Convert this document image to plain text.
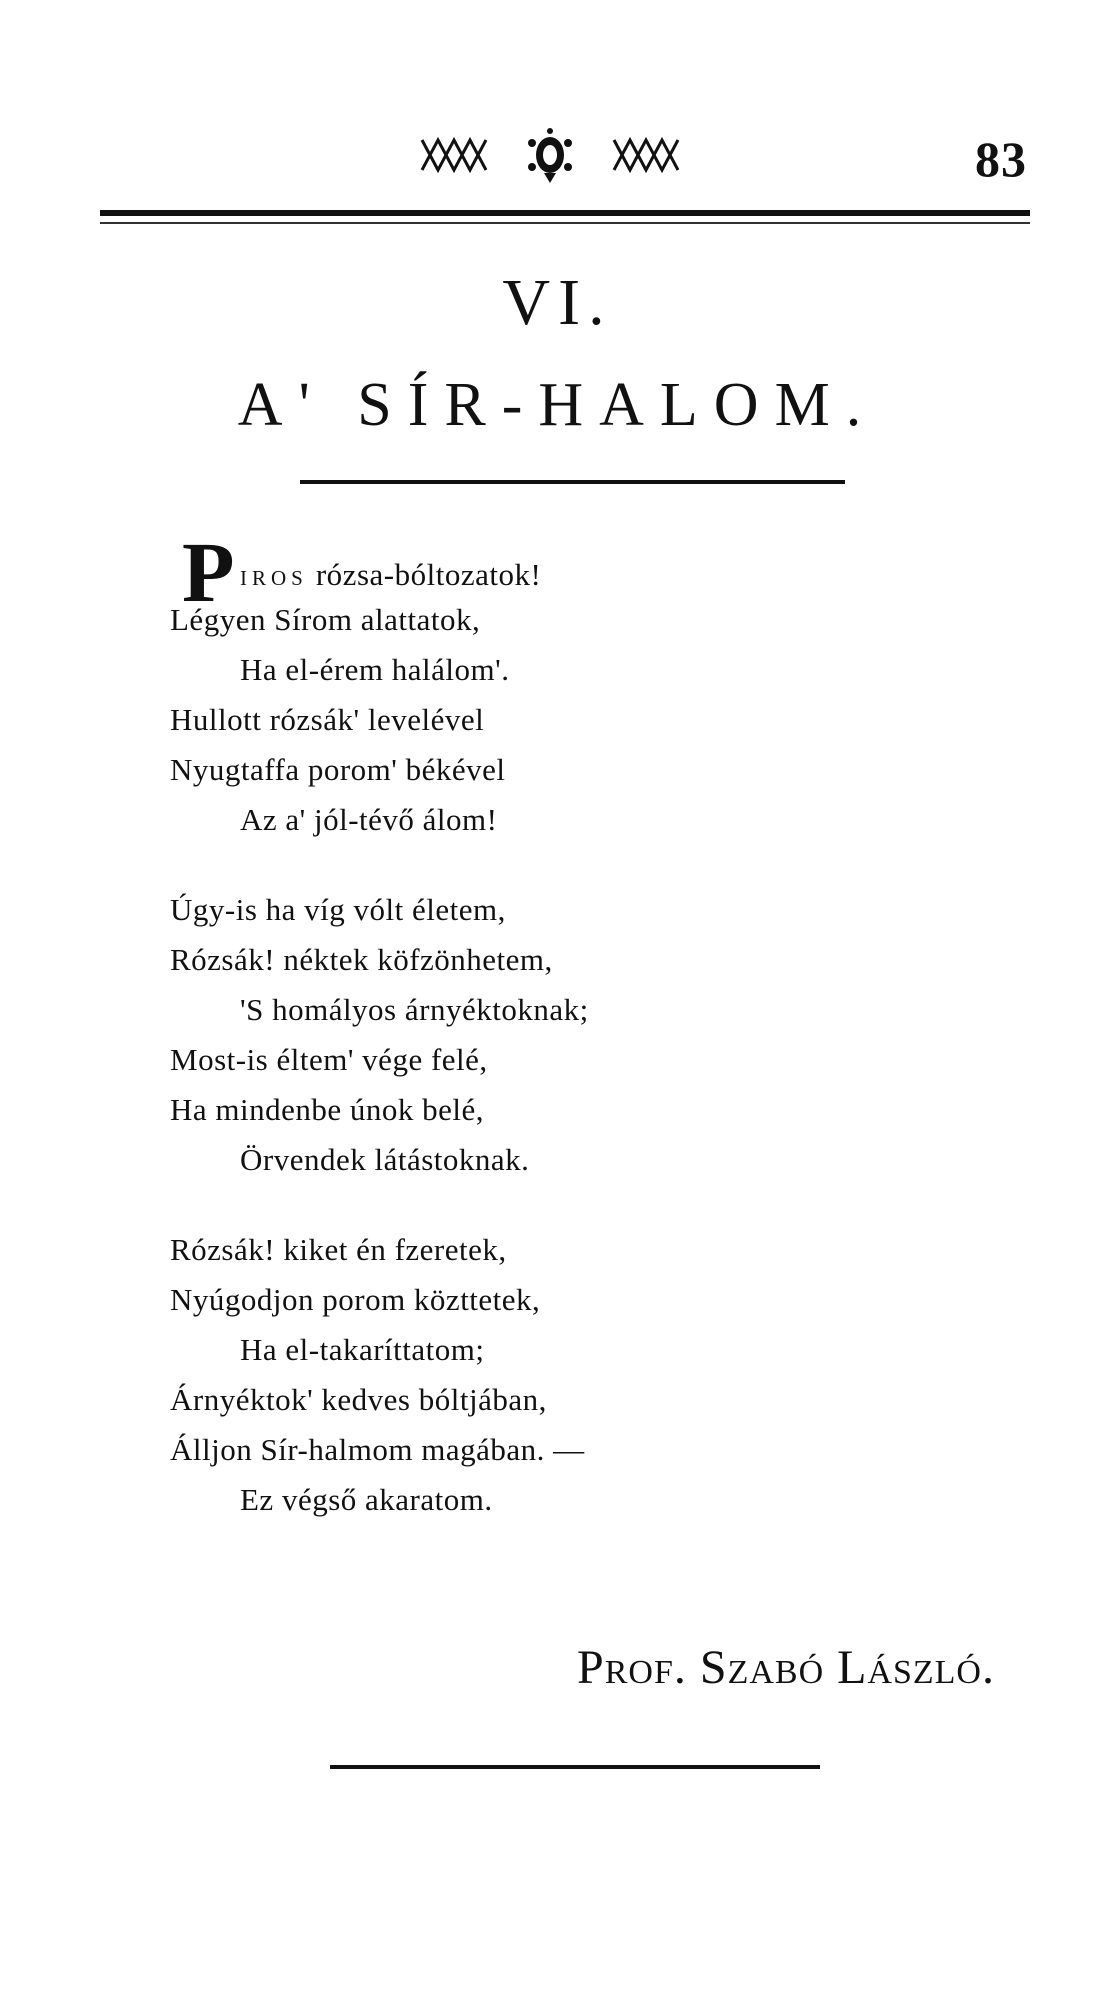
83
VI.
A' SÍR-HALOM.
P IROS rózsa-bóltozatok!
Légyen Sírom alattatok,
Ha el-érem halálom'.
Hullott rózsák' levelével
Nyugtaffa porom' békével
Az a' jól-tévő álom!
Úgy-is ha víg vólt életem,
Rózsák! néktek köfzönhetem,
'S homályos árnyéktoknak;
Most-is éltem' vége felé,
Ha mindenbe únok belé,
Örvendek látástoknak.
Rózsák! kiket én fzeretek,
Nyúgodjon porom közttetek,
Ha el-takaríttatom;
Árnyéktok' kedves bóltjában,
Álljon Sír-halmom magában. —
Ez végső akaratom.
Prof. Szabó László.
